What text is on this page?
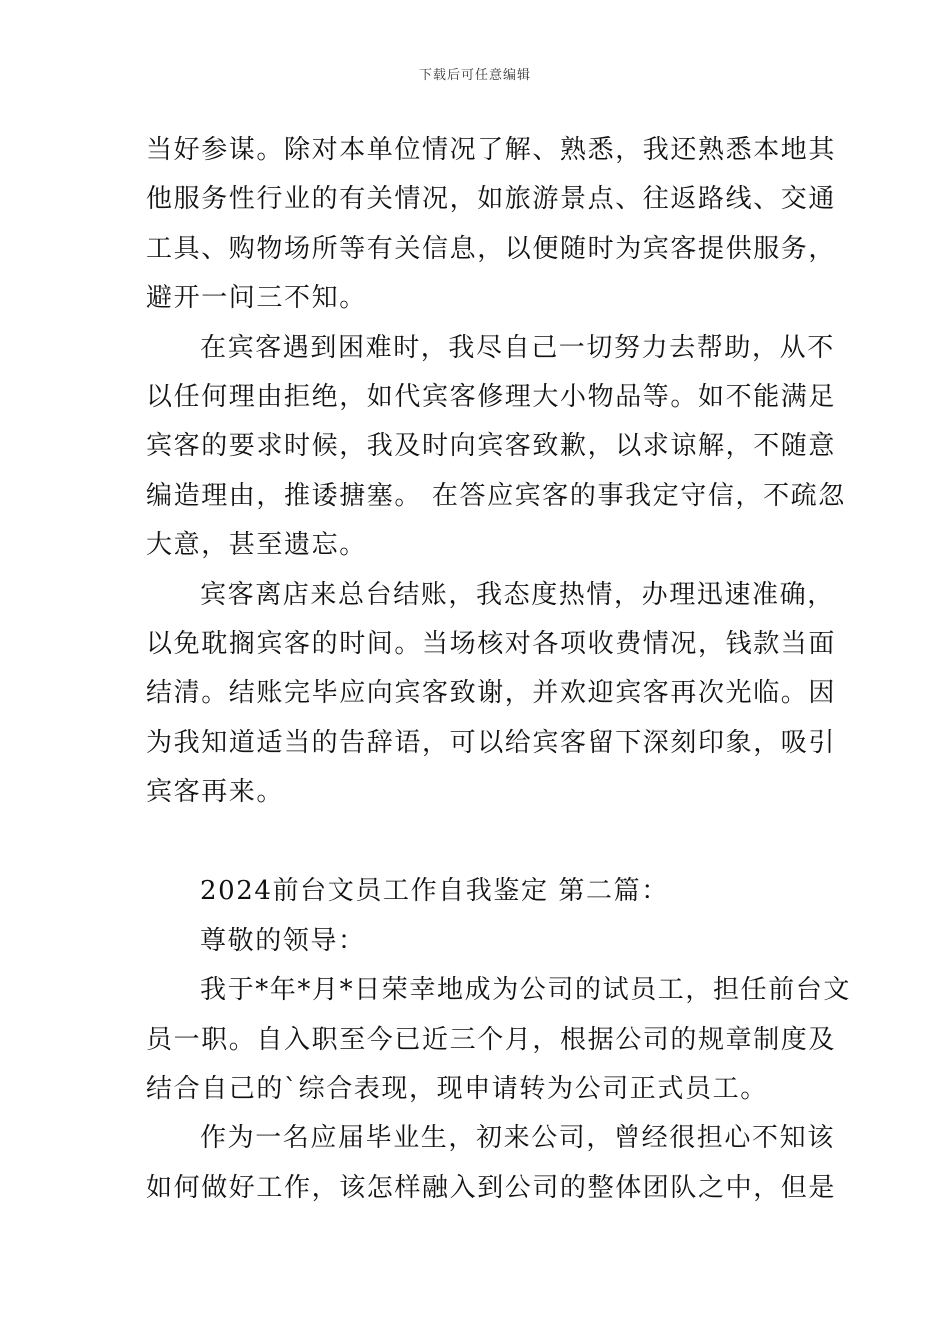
下载后可任意编辑
当好参谋。除对本单位情况了解、熟悉，我还熟悉本地其
他服务性行业的有关情况，如旅游景点、往返路线、交通
工具、购物场所等有关信息，以便随时为宾客提供服务，
避开一问三不知。
在宾客遇到困难时，我尽自己一切努力去帮助，从不
以任何理由拒绝，如代宾客修理大小物品等。如不能满足
宾客的要求时候，我及时向宾客致歉，以求谅解，不随意
编造理由，推诿搪塞。 在答应宾客的事我定守信，不疏忽
大意，甚至遗忘。
宾客离店来总台结账，我态度热情，办理迅速准确，
以免耽搁宾客的时间。当场核对各项收费情况，钱款当面
结清。结账完毕应向宾客致谢，并欢迎宾客再次光临。因
为我知道适当的告辞语，可以给宾客留下深刻印象，吸引
宾客再来。
2024前台文员工作自我鉴定 第二篇：
尊敬的领导：
我于*年*月*日荣幸地成为公司的试员工，担任前台文
员一职。自入职至今已近三个月，根据公司的规章制度及
结合自己的`综合表现，现申请转为公司正式员工。
作为一名应届毕业生，初来公司，曾经很担心不知该
如何做好工作，该怎样融入到公司的整体团队之中，但是
